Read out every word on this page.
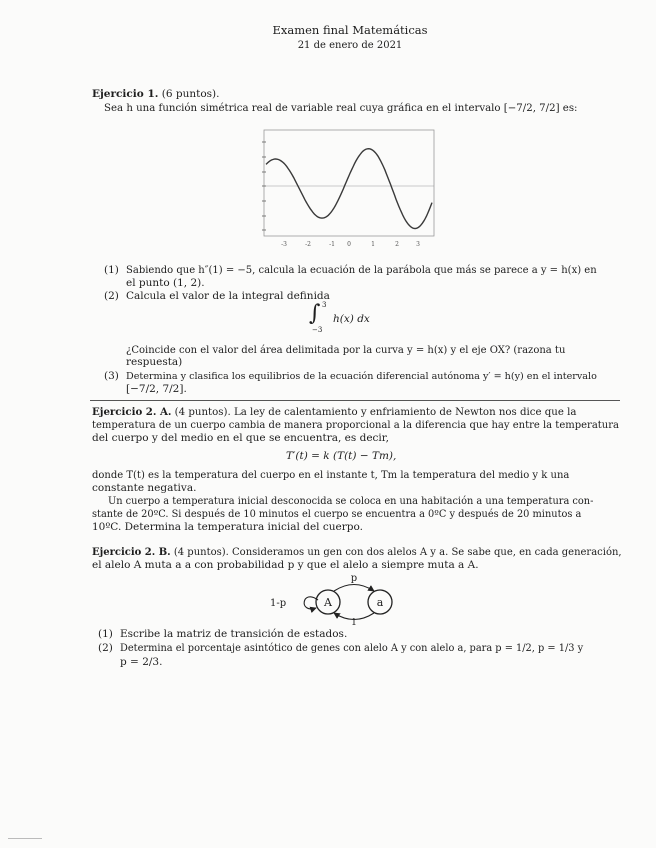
Examen final Matemáticas
21 de enero de 2021
Ejercicio 1. (6 puntos).
Sea h una función simétrica real de variable real cuya gráfica en el intervalo [−7/2, 7/2] es:
-3	-2	-1 0	1	2	3
(1) Sabiendo que h″(1) = −5, calcula la ecuación de la parábola que más se parece a y = h(x) en
el punto (1, 2).
(2) Calcula el valor de la integral definida
∫ 3
−3
h(x) dx
¿Coincide con el valor del área delimitada por la curva y = h(x) y el eje OX? (razona tu
respuesta)
(3) Determina y clasifica los equilibrios de la ecuación diferencial autónoma y′ = h(y) en el intervalo
[−7/2, 7/2].
Ejercicio 2. A. (4 puntos). La ley de calentamiento y enfriamiento de Newton nos dice que la
temperatura de un cuerpo cambia de manera proporcional a la diferencia que hay entre la temperatura
del cuerpo y del medio en el que se encuentra, es decir,
T′(t) = k (T(t) − Tm),
donde T(t) es la temperatura del cuerpo en el instante t, Tm la temperatura del medio y k una
constante negativa.
Un cuerpo a temperatura inicial desconocida se coloca en una habitación a una temperatura con-
stante de 20ºC. Si después de 10 minutos el cuerpo se encuentra a 0ºC y después de 20 minutos a
10ºC. Determina la temperatura inicial del cuerpo.
Ejercicio 2. B. (4 puntos). Consideramos un gen con dos alelos A y a. Se sabe que, en cada generación,
el alelo A muta a a con probabilidad p y que el alelo a siempre muta a A.
1-p	A	a
p
1
(1) Escribe la matriz de transición de estados.
(2) Determina el porcentaje asintótico de genes con alelo A y con alelo a, para p = 1/2, p = 1/3 y
p = 2/3.
